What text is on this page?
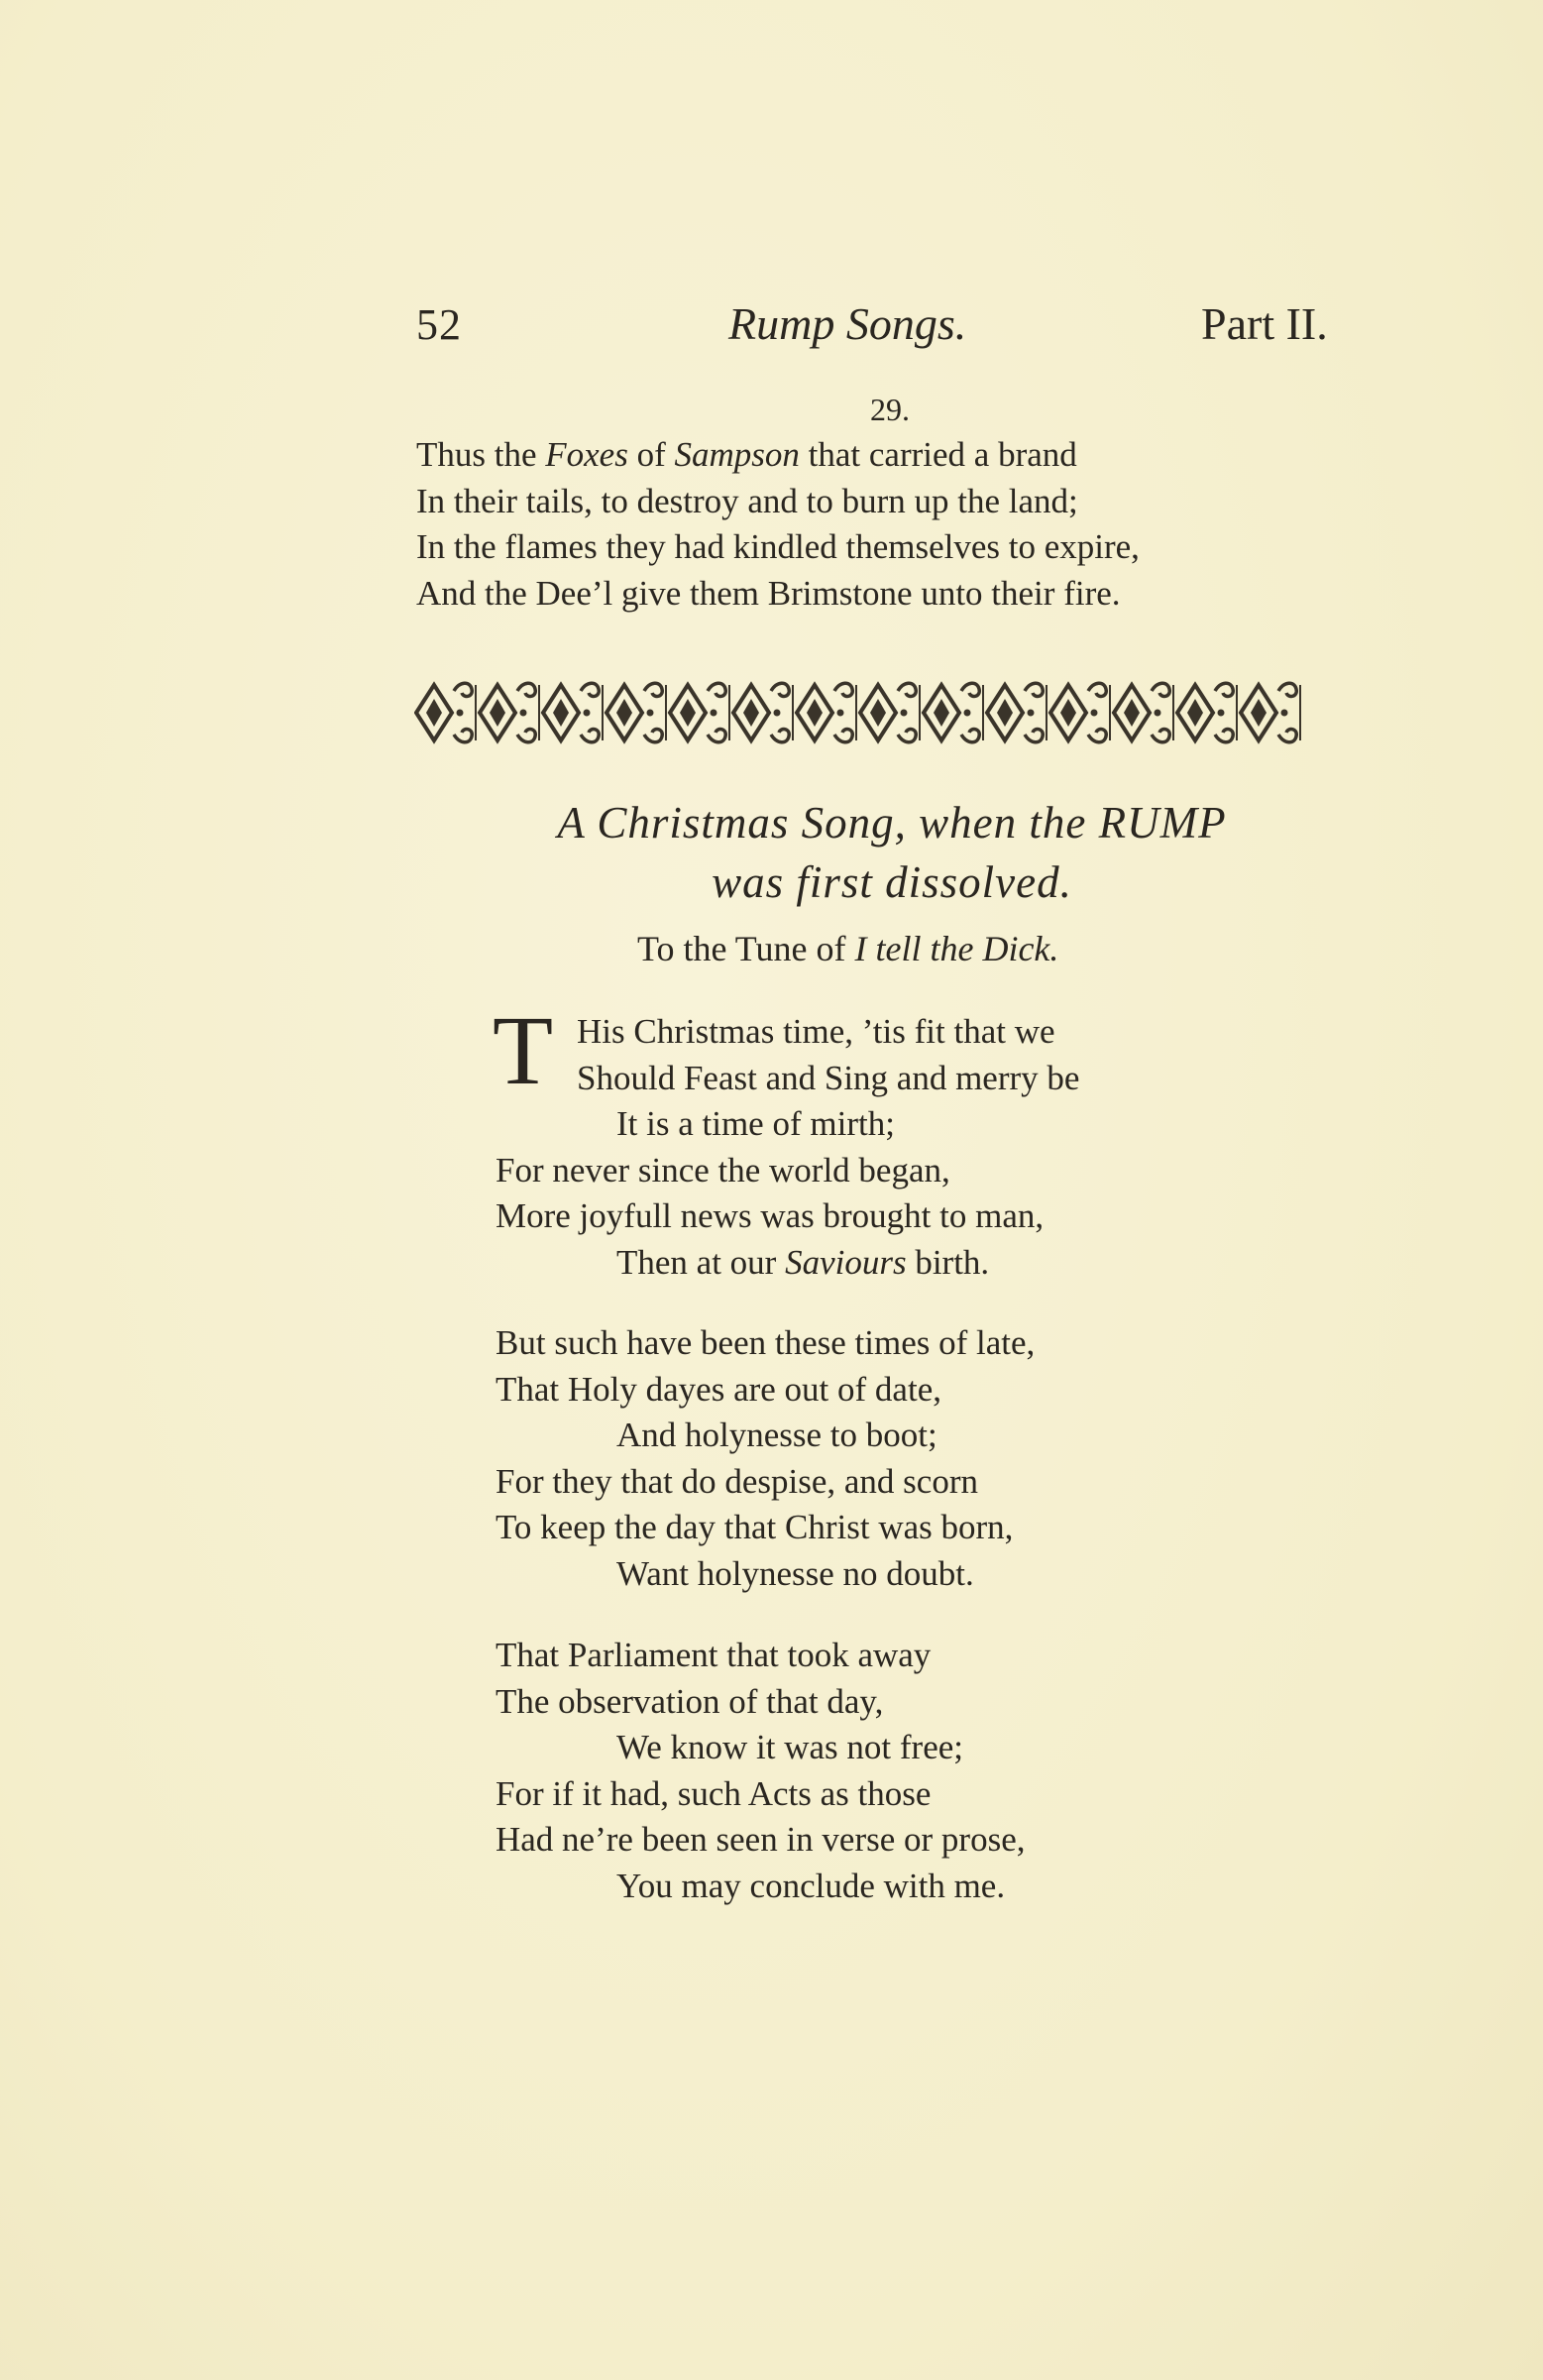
52	Rump Songs.	Part II.
29.
Thus the Foxes of Sampson that carried a brand
In their tails, to destroy and to burn up the land;
In the flames they had kindled themselves to expire,
And the Dee’l give them Brimstone unto their fire.
A Christmas Song, when the RUMP
was first dissolved.
To the Tune of I tell the Dick.
T His Christmas time, ’tis fit that we
Should Feast and Sing and merry be
It is a time of mirth;
For never since the world began,
More joyfull news was brought to man,
Then at our Saviours birth.
But such have been these times of late,
That Holy dayes are out of date,
And holynesse to boot;
For they that do despise, and scorn
To keep the day that Christ was born,
Want holynesse no doubt.
That Parliament that took away
The observation of that day,
We know it was not free;
For if it had, such Acts as those
Had ne’re been seen in verse or prose,
You may conclude with me.
